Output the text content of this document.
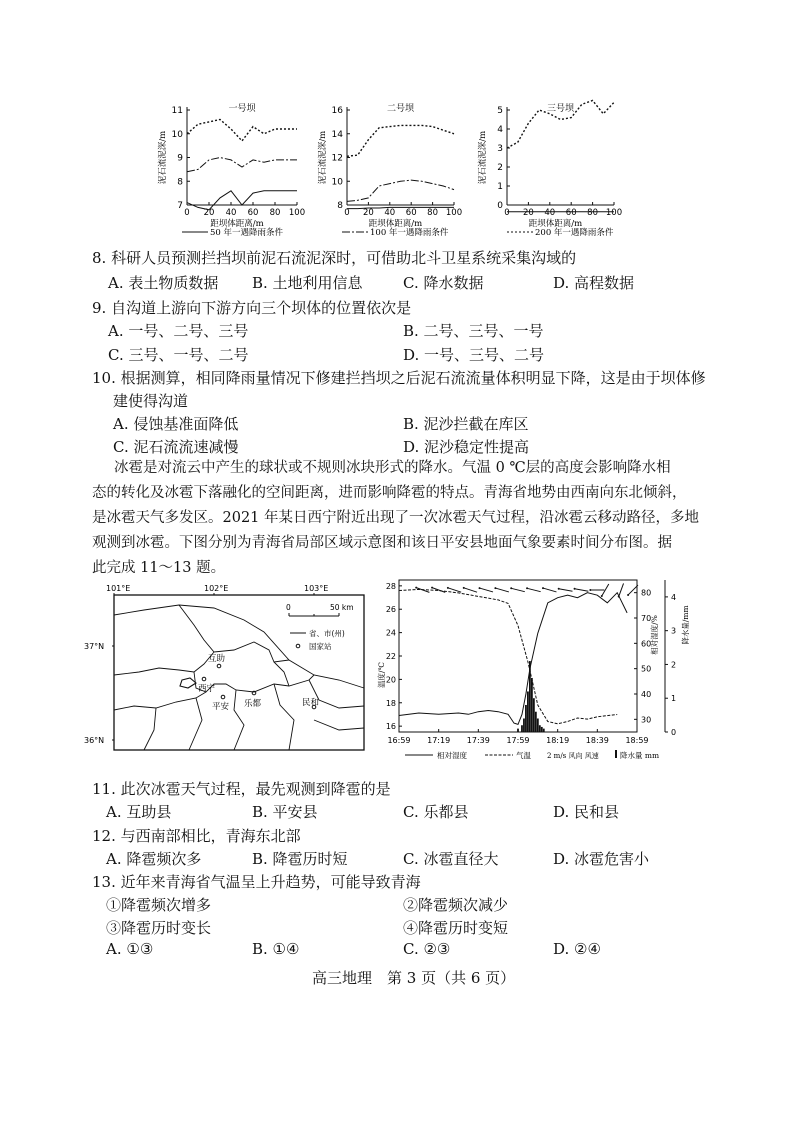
一号坝
7
8
9
10
11
0 20 40 60 80 100
距坝体距离/m
泥石流泥深/m
二号坝
8
10
12
14
16
0 20 40 60 80 100
距坝体距离/m
泥石流泥深/m
三号坝
0
1
2
3
4
5
0 20 40 60 80 100
距坝体距离/m
泥石流泥深/m
50 年一遇降雨条件	100 年一遇降雨条件	200 年一遇降雨条件
8. 科研人员预测拦挡坝前泥石流泥深时，可借助北斗卫星系统采集沟域的
A. 表土物质数据 B. 土地利用信息	C. 降水数据	D. 高程数据
9. 自沟道上游向下游方向三个坝体的位置依次是
A. 一号、二号、三号	B. 二号、三号、一号
C. 三号、一号、二号	D. 一号、三号、二号
10. 根据测算，相同降雨量情况下修建拦挡坝之后泥石流流量体积明显下降，这是由于坝体修
建使得沟道
A. 侵蚀基准面降低	B. 泥沙拦截在库区
C. 泥石流流速减慢	D. 泥沙稳定性提高

冰雹是对流云中产生的球状或不规则冰块形式的降水。气温 0 ℃层的高度会影响降水相

态的转化及冰雹下落融化的空间距离，进而影响降雹的特点。青海省地势由西南向东北倾斜，

是冰雹天气多发区。2021 年某日西宁附近出现了一次冰雹天气过程，沿冰雹云移动路径，多地

观测到冰雹。下图分别为青海省局部区域示意图和该日平安县地面气象要素时间分布图。据

此完成 11～13 题。

101°E	102°E	103°E
37°N
36°N
0	50 km
省、市(州)
国家站
互助
西宁
平安 乐都	民和
16
18
20
22
24
26
28
30
40
50
60
70
80
0
1
2
3
4
温度/℃
相对湿度/%	降水量/mm
16:59 17:19 17:39 17:59 18:19 18:39 18:59
相对湿度	气温 2 m/s 风向 风速	降水量 mm
11. 此次冰雹天气过程，最先观测到降雹的是
A. 互助县	B. 平安县	C. 乐都县	D. 民和县
12. 与西南部相比，青海东北部
A. 降雹频次多	B. 降雹历时短	C. 冰雹直径大	D. 冰雹危害小
13. 近年来青海省气温呈上升趋势，可能导致青海
①降雹频次增多	②降雹频次减少
③降雹历时变长	④降雹历时变短
A. ①③	B. ①④	C. ②③	D. ②④
高三地理　第 3 页（共 6 页）
